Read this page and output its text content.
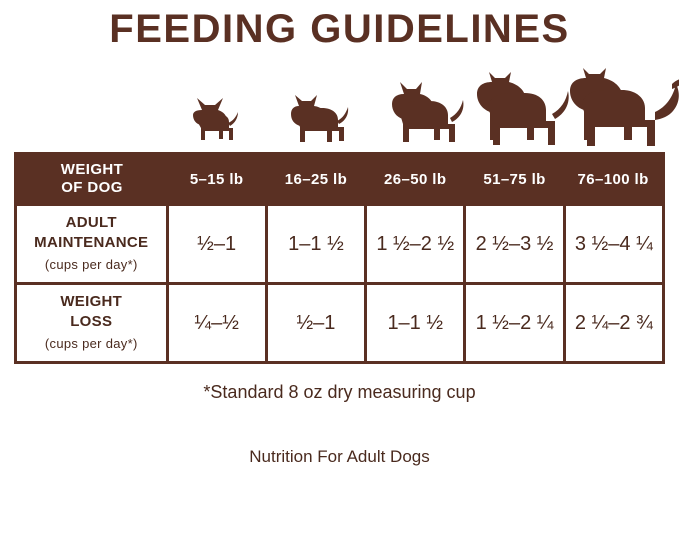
FEEDING GUIDELINES
WEIGHT
OF DOG	5–15 lb	16–25 lb	26–50 lb	51–75 lb	76–100 lb
ADULT
MAINTENANCE
(cups per day*)	½–1	1–1 ½	1 ½–2 ½	2 ½–3 ½	3 ½–4 ¼
WEIGHT
LOSS
(cups per day*)	¼–½	½–1	1–1 ½	1 ½–2 ¼	2 ¼–2 ¾
*Standard 8 oz dry measuring cup
Nutrition For Adult Dogs
